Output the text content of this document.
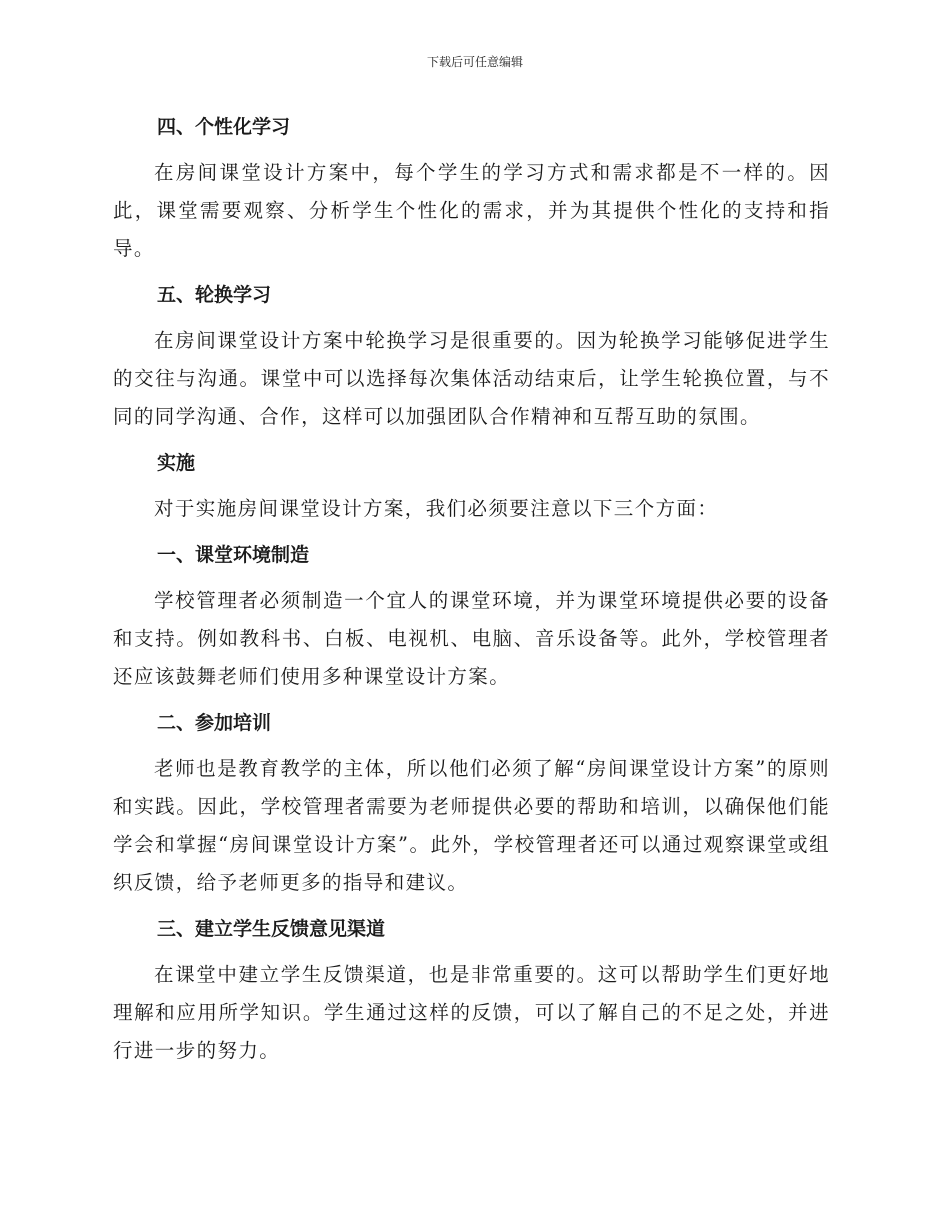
下载后可任意编辑
四、个性化学习

在房间课堂设计方案中，每个学生的学习方式和需求都是不一样的。因此，课堂需要观察、分析学生个性化的需求，并为其提供个性化的支持和指导。

五、轮换学习

在房间课堂设计方案中轮换学习是很重要的。因为轮换学习能够促进学生的交往与沟通。课堂中可以选择每次集体活动结束后，让学生轮换位置，与不同的同学沟通、合作，这样可以加强团队合作精神和互帮互助的氛围。

实施

对于实施房间课堂设计方案，我们必须要注意以下三个方面：

一、课堂环境制造

学校管理者必须制造一个宜人的课堂环境，并为课堂环境提供必要的设备和支持。例如教科书、白板、电视机、电脑、音乐设备等。此外，学校管理者还应该鼓舞老师们使用多种课堂设计方案。

二、参加培训

老师也是教育教学的主体，所以他们必须了解“房间课堂设计方案”的原则和实践。因此，学校管理者需要为老师提供必要的帮助和培训，以确保他们能学会和掌握“房间课堂设计方案”。此外，学校管理者还可以通过观察课堂或组织反馈，给予老师更多的指导和建议。

三、建立学生反馈意见渠道

在课堂中建立学生反馈渠道，也是非常重要的。这可以帮助学生们更好地理解和应用所学知识。学生通过这样的反馈，可以了解自己的不足之处，并进行进一步的努力。
